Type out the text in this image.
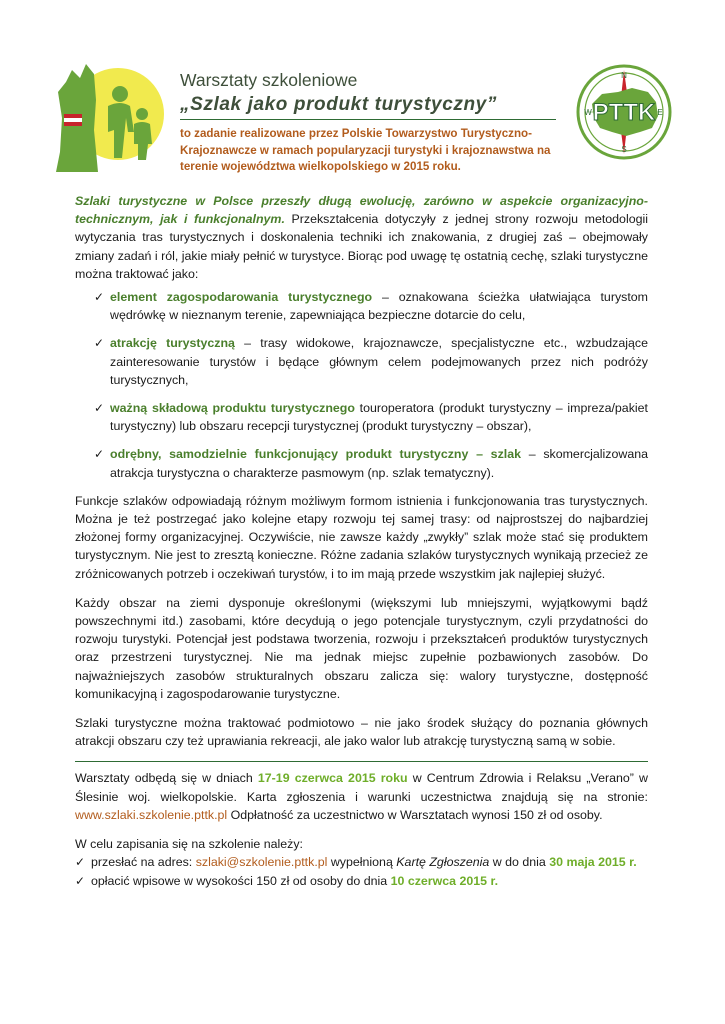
Warsztaty szkoleniowe
„Szlak jako produkt turystyczny”
to zadanie realizowane przez Polskie Towarzystwo Turystyczno-Krajoznawcze w ramach popularyzacji turystyki i krajoznawstwa na terenie województwa wielkopolskiego w 2015 roku.
PTTK
N
E
S
W

Szlaki turystyczne w Polsce przeszły długą ewolucję, zarówno w aspekcie organizacyjno-technicznym, jak i funkcjonalnym. Przekształcenia dotyczyły z jednej strony rozwoju metodologii wytyczania tras turystycznych i doskonalenia techniki ich znakowania, z drugiej zaś – obejmowały zmiany zadań i ról, jakie miały pełnić w turystyce. Biorąc pod uwagę tę ostatnią cechę, szlaki turystyczne można traktować jako:

✓ element zagospodarowania turystycznego – oznakowana ścieżka ułatwiająca turystom wędrówkę w nieznanym terenie, zapewniająca bezpieczne dotarcie do celu,
✓ atrakcję turystyczną – trasy widokowe, krajoznawcze, specjalistyczne etc., wzbudzające zainteresowanie turystów i będące głównym celem podejmowanych przez nich podróży turystycznych,
✓ ważną składową produktu turystycznego touroperatora (produkt turystyczny – impreza/pakiet turystyczny) lub obszaru recepcji turystycznej (produkt turystyczny – obszar),
✓ odrębny, samodzielnie funkcjonujący produkt turystyczny – szlak – skomercjalizowana atrakcja turystyczna o charakterze pasmowym (np. szlak tematyczny).

Funkcje szlaków odpowiadają różnym możliwym formom istnienia i funkcjonowania tras turystycznych. Można je też postrzegać jako kolejne etapy rozwoju tej samej trasy: od najprostszej do najbardziej złożonej formy organizacyjnej. Oczywiście, nie zawsze każdy „zwykły” szlak może stać się produktem turystycznym. Nie jest to zresztą konieczne. Różne zadania szlaków turystycznych wynikają przecież ze zróżnicowanych potrzeb i oczekiwań turystów, i to im mają przede wszystkim jak najlepiej służyć.

Każdy obszar na ziemi dysponuje określonymi (większymi lub mniejszymi, wyjątkowymi bądź powszechnymi itd.) zasobami, które decydują o jego potencjale turystycznym, czyli przydatności do rozwoju turystyki. Potencjał jest podstawa tworzenia, rozwoju i przekształceń produktów turystycznych oraz przestrzeni turystycznej. Nie ma jednak miejsc zupełnie pozbawionych zasobów. Do najważniejszych zasobów strukturalnych obszaru zalicza się: walory turystyczne, dostępność komunikacyjną i zagospodarowanie turystyczne.

Szlaki turystyczne można traktować podmiotowo – nie jako środek służący do poznania głównych atrakcji obszaru czy też uprawiania rekreacji, ale jako walor lub atrakcję turystyczną samą w sobie.

Warsztaty odbędą się w dniach 17-19 czerwca 2015 roku w Centrum Zdrowia i Relaksu „Verano” w Ślesinie woj. wielkopolskie. Karta zgłoszenia i warunki uczestnictwa znajdują się na stronie: www.szlaki.szkolenie.pttk.pl Odpłatność za uczestnictwo w Warsztatach wynosi 150 zł od osoby.

W celu zapisania się na szkolenie należy:

✓ przesłać na adres: szlaki@szkolenie.pttk.pl wypełnioną Kartę Zgłoszenia w do dnia 30 maja 2015 r.
✓ opłacić wpisowe w wysokości 150 zł od osoby do dnia 10 czerwca 2015 r.
